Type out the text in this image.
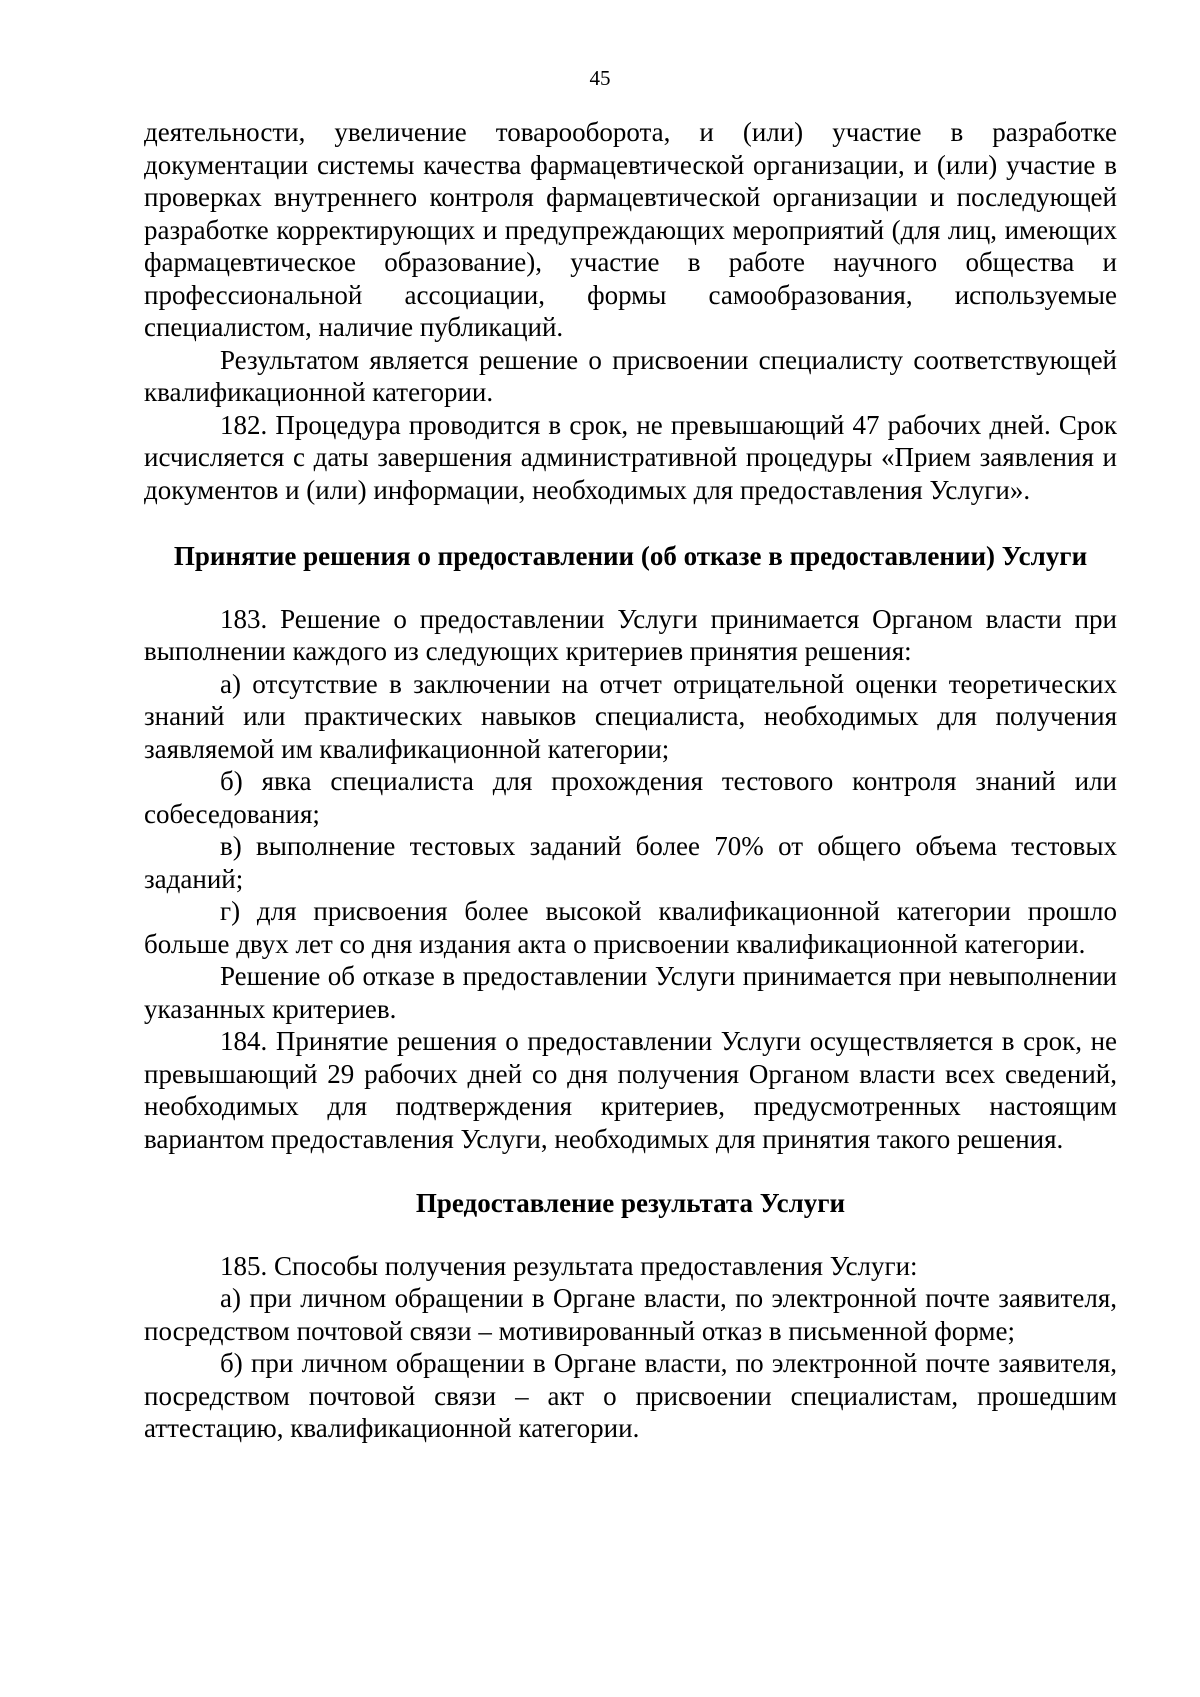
45

деятельности, увеличение товарооборота, и (или) участие в разработке документации системы качества фармацевтической организации, и (или) участие в проверках внутреннего контроля фармацевтической организации и последующей разработке корректирующих и предупреждающих мероприятий (для лиц, имеющих фармацевтическое образование), участие в работе научного общества и профессиональной ассоциации, формы самообразования, используемые специалистом, наличие публикаций.

Результатом является решение о присвоении специалисту соответствующей квалификационной категории.

182. Процедура проводится в срок, не превышающий 47 рабочих дней. Срок исчисляется с даты завершения административной процедуры «Прием заявления и документов и (или) информации, необходимых для предоставления Услуги».

Принятие решения о предоставлении (об отказе в предоставлении) Услуги

183. Решение о предоставлении Услуги принимается Органом власти при выполнении каждого из следующих критериев принятия решения:

а) отсутствие в заключении на отчет отрицательной оценки теоретических знаний или практических навыков специалиста, необходимых для получения заявляемой им квалификационной категории;

б) явка специалиста для прохождения тестового контроля знаний или собеседования;

в) выполнение тестовых заданий более 70% от общего объема тестовых заданий;

г) для присвоения более высокой квалификационной категории прошло больше двух лет со дня издания акта о присвоении квалификационной категории.

Решение об отказе в предоставлении Услуги принимается при невыполнении указанных критериев.

184. Принятие решения о предоставлении Услуги осуществляется в срок, не превышающий 29 рабочих дней со дня получения Органом власти всех сведений, необходимых для подтверждения критериев, предусмотренных настоящим вариантом предоставления Услуги, необходимых для принятия такого решения.

Предоставление результата Услуги

185. Способы получения результата предоставления Услуги:

а) при личном обращении в Органе власти, по электронной почте заявителя, посредством почтовой связи – мотивированный отказ в письменной форме;

б) при личном обращении в Органе власти, по электронной почте заявителя, посредством почтовой связи – акт о присвоении специалистам, прошедшим аттестацию, квалификационной категории.
